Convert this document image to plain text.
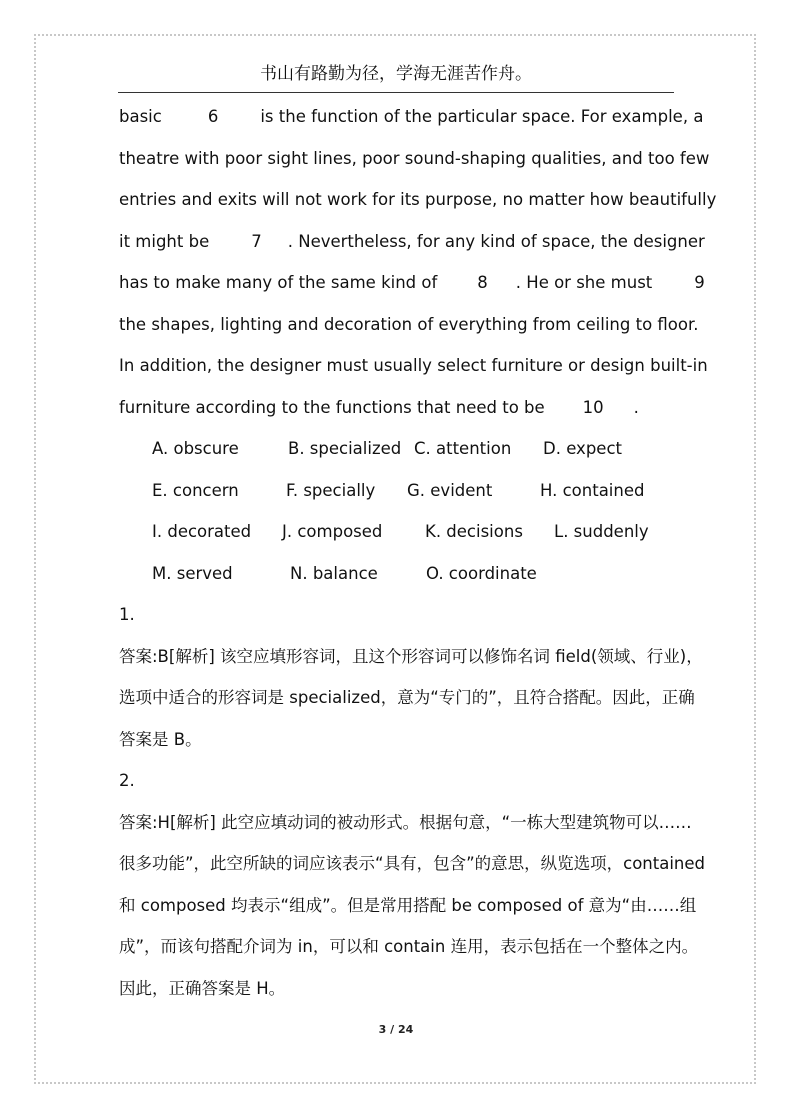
书山有路勤为径，学海无涯苦作舟。
basic	6	is the function of the particular space. For example, a
theatre with poor sight lines, poor sound-shaping qualities, and too few
entries and exits will not work for its purpose, no matter how beautifully
it might be	7 . Nevertheless, for any kind of space, the designer
has to make many of the same kind of 8 . He or she must	9
the shapes, lighting and decoration of everything from ceiling to floor.
In addition, the designer must usually select furniture or design built-in
furniture according to the functions that need to be 10 .
A. obscure	B. specialized C. attention D. expect
E. concern	F. specially G. evident	H. contained
I. decorated J. composed	K. decisions L. suddenly
M. served	N. balance	O. coordinate
1.
答案:B[解析] 该空应填形容词，且这个形容词可以修饰名词 field(领域、行业)，
选项中适合的形容词是 specialized，意为“专门的”，且符合搭配。因此，正确
答案是 B。
2.
答案:H[解析] 此空应填动词的被动形式。根据句意，“一栋大型建筑物可以……
很多功能”，此空所缺的词应该表示“具有，包含”的意思，纵览选项，contained
和 composed 均表示“组成”。但是常用搭配 be composed of 意为“由……组
成”，而该句搭配介词为 in，可以和 contain 连用，表示包括在一个整体之内。
因此，正确答案是 H。
3 / 24
